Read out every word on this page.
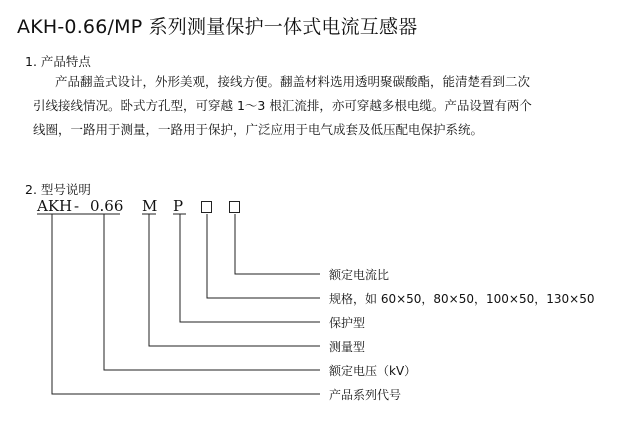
AKH-0.66/MP 系列测量保护一体式电流互感器
1. 产品特点
产品翻盖式设计，外形美观，接线方便。翻盖材料选用透明聚碳酸酯，能清楚看到二次
引线接线情况。卧式方孔型，可穿越 1～3 根汇流排，亦可穿越多根电缆。产品设置有两个
线圈，一路用于测量，一路用于保护，广泛应用于电气成套及低压配电保护系统。
2. 型号说明
AKH - 0.66 M P
额定电流比
规格，如 60×50，80×50，100×50，130×50
保护型
测量型
额定电压（kV）
产品系列代号
